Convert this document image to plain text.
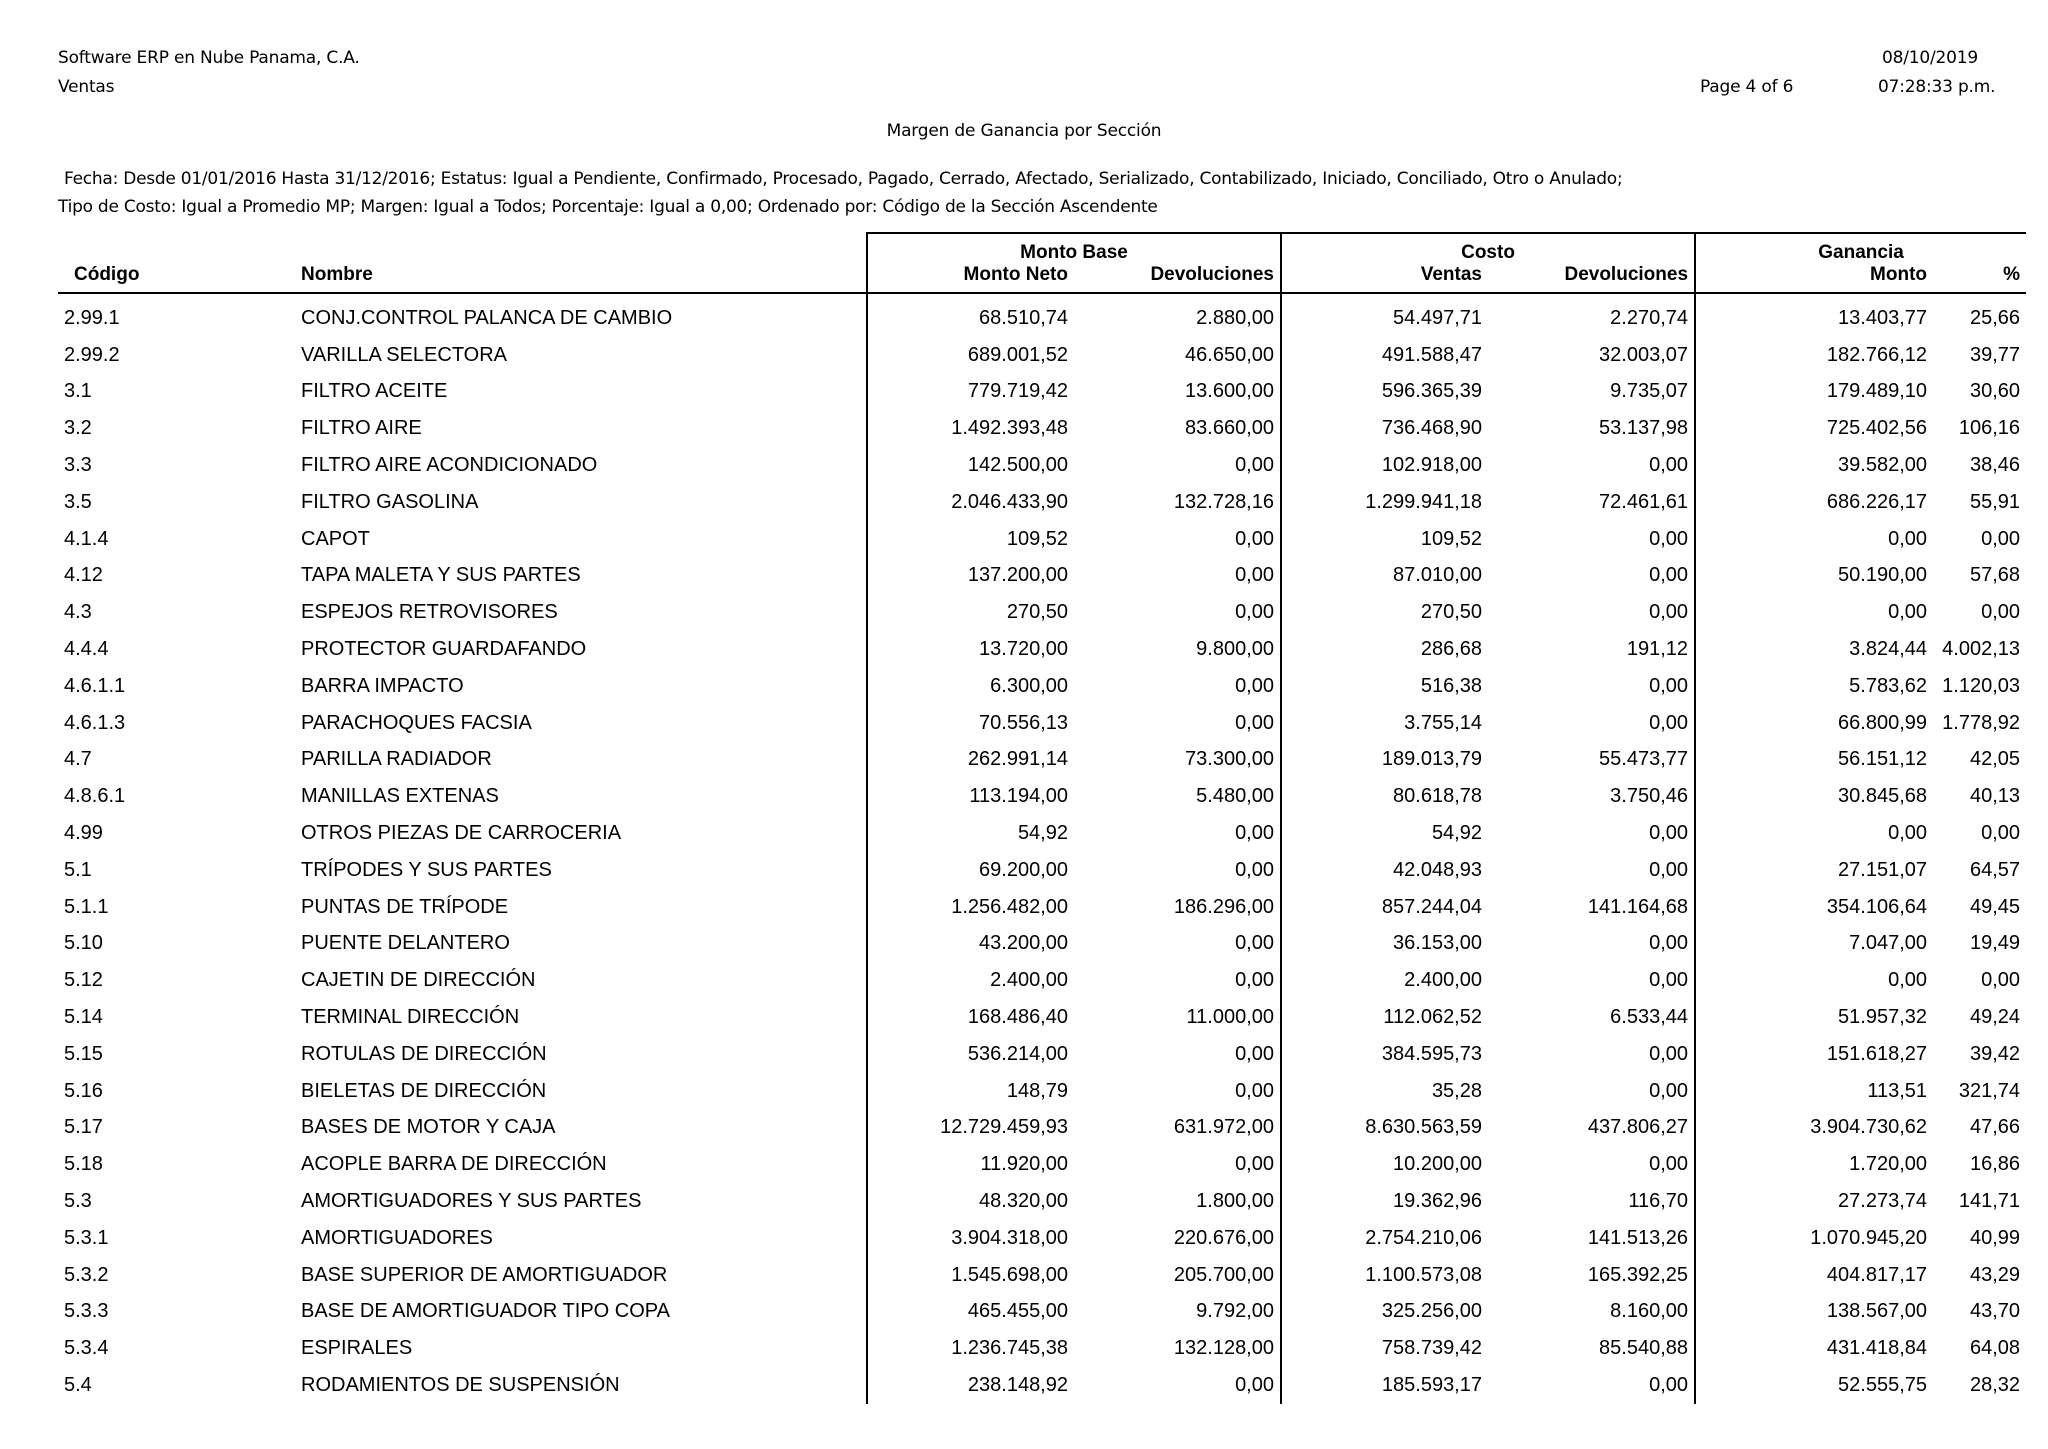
Software ERP en Nube Panama, C.A.
Ventas
08/10/2019
Page 4 of 6	07:28:33 p.m.
Margen de Ganancia por Sección
Fecha: Desde 01/01/2016 Hasta 31/12/2016; Estatus: Igual a Pendiente, Confirmado, Procesado, Pagado, Cerrado, Afectado, Serializado, Contabilizado, Iniciado, Conciliado, Otro o Anulado;
Tipo de Costo: Igual a Promedio MP; Margen: Igual a Todos; Porcentaje: Igual a 0,00; Ordenado por: Código de la Sección Ascendente
		Monto Base		Costo		Ganancia	
Código	Nombre	Monto Neto	Devoluciones	Ventas	Devoluciones	Monto	%
2.99.1	CONJ.CONTROL PALANCA DE CAMBIO	68.510,74	2.880,00	54.497,71	2.270,74	13.403,77	25,66
2.99.2	VARILLA SELECTORA	689.001,52	46.650,00	491.588,47	32.003,07	182.766,12	39,77
3.1	FILTRO ACEITE	779.719,42	13.600,00	596.365,39	9.735,07	179.489,10	30,60
3.2	FILTRO AIRE	1.492.393,48	83.660,00	736.468,90	53.137,98	725.402,56	106,16
3.3	FILTRO AIRE ACONDICIONADO	142.500,00	0,00	102.918,00	0,00	39.582,00	38,46
3.5	FILTRO GASOLINA	2.046.433,90	132.728,16	1.299.941,18	72.461,61	686.226,17	55,91
4.1.4	CAPOT	109,52	0,00	109,52	0,00	0,00	0,00
4.12	TAPA MALETA Y SUS PARTES	137.200,00	0,00	87.010,00	0,00	50.190,00	57,68
4.3	ESPEJOS RETROVISORES	270,50	0,00	270,50	0,00	0,00	0,00
4.4.4	PROTECTOR GUARDAFANDO	13.720,00	9.800,00	286,68	191,12	3.824,44	4.002,13
4.6.1.1	BARRA IMPACTO	6.300,00	0,00	516,38	0,00	5.783,62	1.120,03
4.6.1.3	PARACHOQUES FACSIA	70.556,13	0,00	3.755,14	0,00	66.800,99	1.778,92
4.7	PARILLA RADIADOR	262.991,14	73.300,00	189.013,79	55.473,77	56.151,12	42,05
4.8.6.1	MANILLAS EXTENAS	113.194,00	5.480,00	80.618,78	3.750,46	30.845,68	40,13
4.99	OTROS PIEZAS DE CARROCERIA	54,92	0,00	54,92	0,00	0,00	0,00
5.1	TRÍPODES Y SUS PARTES	69.200,00	0,00	42.048,93	0,00	27.151,07	64,57
5.1.1	PUNTAS DE TRÍPODE	1.256.482,00	186.296,00	857.244,04	141.164,68	354.106,64	49,45
5.10	PUENTE DELANTERO	43.200,00	0,00	36.153,00	0,00	7.047,00	19,49
5.12	CAJETIN DE DIRECCIÓN	2.400,00	0,00	2.400,00	0,00	0,00	0,00
5.14	TERMINAL DIRECCIÓN	168.486,40	11.000,00	112.062,52	6.533,44	51.957,32	49,24
5.15	ROTULAS DE DIRECCIÓN	536.214,00	0,00	384.595,73	0,00	151.618,27	39,42
5.16	BIELETAS DE DIRECCIÓN	148,79	0,00	35,28	0,00	113,51	321,74
5.17	BASES DE MOTOR Y CAJA	12.729.459,93	631.972,00	8.630.563,59	437.806,27	3.904.730,62	47,66
5.18	ACOPLE BARRA DE DIRECCIÓN	11.920,00	0,00	10.200,00	0,00	1.720,00	16,86
5.3	AMORTIGUADORES Y SUS PARTES	48.320,00	1.800,00	19.362,96	116,70	27.273,74	141,71
5.3.1	AMORTIGUADORES	3.904.318,00	220.676,00	2.754.210,06	141.513,26	1.070.945,20	40,99
5.3.2	BASE SUPERIOR DE AMORTIGUADOR	1.545.698,00	205.700,00	1.100.573,08	165.392,25	404.817,17	43,29
5.3.3	BASE DE AMORTIGUADOR TIPO COPA	465.455,00	9.792,00	325.256,00	8.160,00	138.567,00	43,70
5.3.4	ESPIRALES	1.236.745,38	132.128,00	758.739,42	85.540,88	431.418,84	64,08
5.4	RODAMIENTOS DE SUSPENSIÓN	238.148,92	0,00	185.593,17	0,00	52.555,75	28,32
